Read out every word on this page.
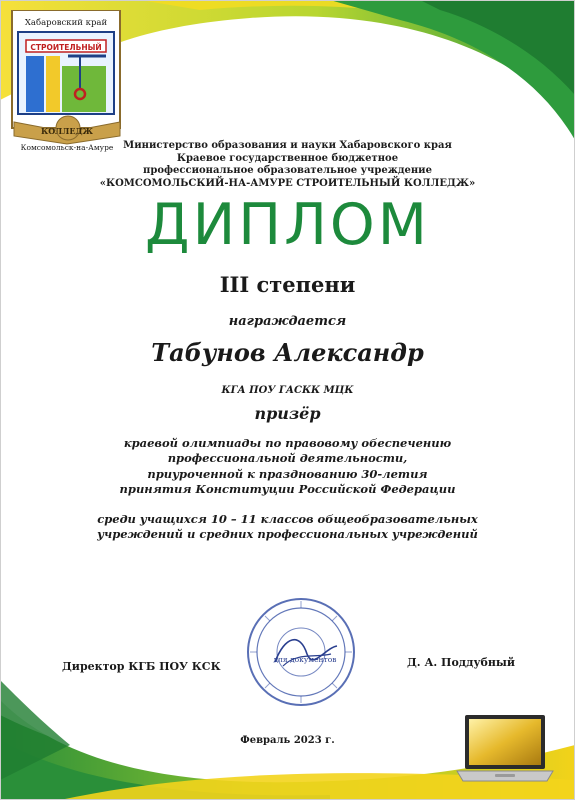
Хабаровский край
СТРОИТЕЛЬНЫЙ
КОЛЛЕДЖ
Комсомольск-на-Амуре Министерство образования и науки Хабаровского края
Краевое государственное бюджетное
профессиональное образовательное учреждение
«КОМСОМОЛЬСКИЙ-НА-АМУРЕ СТРОИТЕЛЬНЫЙ КОЛЛЕДЖ»
ДИПЛОМ
III степени
награждается
Табунов Александр
КГА ПОУ ГАСКК МЦК
призёр
краевой олимпиады по правовому обеспечению
профессиональной деятельности,
приуроченной к празднованию 30-летия
принятия Конституции Российской Федерации
среди учащихся 10 – 11 классов общеобразовательных
учреждений и средних профессиональных учреждений
для документов
Директор КГБ ПОУ КСК	Д. А. Поддубный
Февраль 2023 г.
